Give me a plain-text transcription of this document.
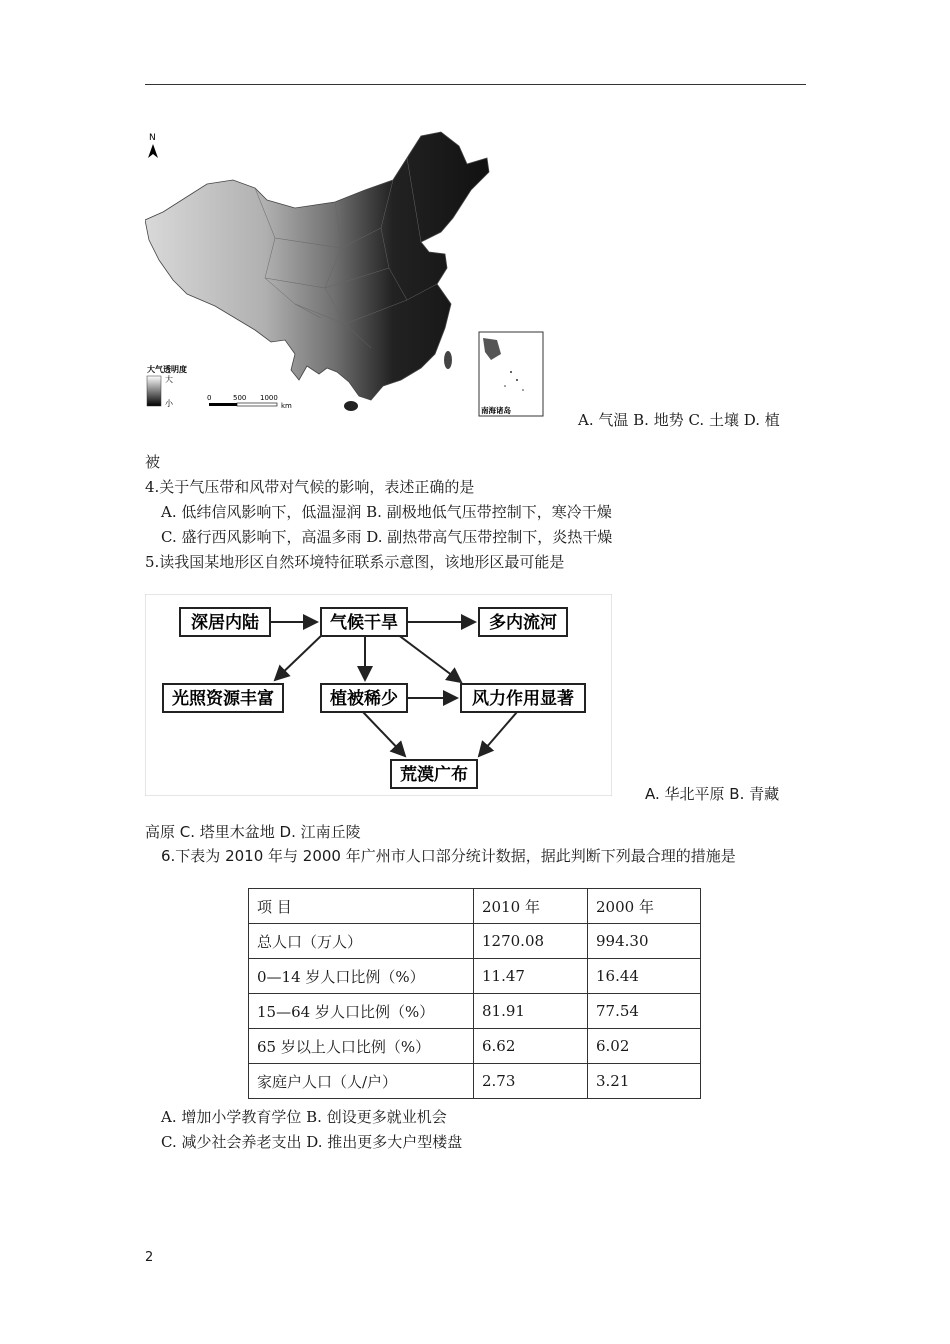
N
大气透明度
大
小
0	500 1000
km	南海诸岛
A. 气温 B. 地势 C. 土壤 D. 植
被
4.关于气压带和风带对气候的影响，表述正确的是
A. 低纬信风影响下，低温湿润 B. 副极地低气压带控制下，寒冷干燥
C. 盛行西风影响下，高温多雨 D. 副热带高气压带控制下，炎热干燥
5.读我国某地形区自然环境特征联系示意图，该地形区最可能是
深居内陆	气候干旱	多内流河
光照资源丰富	植被稀少	风力作用显著
荒漠广布
A. 华北平原 B. 青藏
高原 C. 塔里木盆地 D. 江南丘陵
6.下表为 2010 年与 2000 年广州市人口部分统计数据，据此判断下列最合理的措施是
项 目	2010 年	2000 年
总人口（万人）	1270.08	994.30
0—14 岁人口比例（%）	11.47	16.44
15—64 岁人口比例（%）	81.91	77.54
65 岁以上人口比例（%）	6.62	6.02
家庭户人口（人/户）	2.73	3.21
A. 增加小学教育学位 B. 创设更多就业机会
C. 减少社会养老支出 D. 推出更多大户型楼盘
2
